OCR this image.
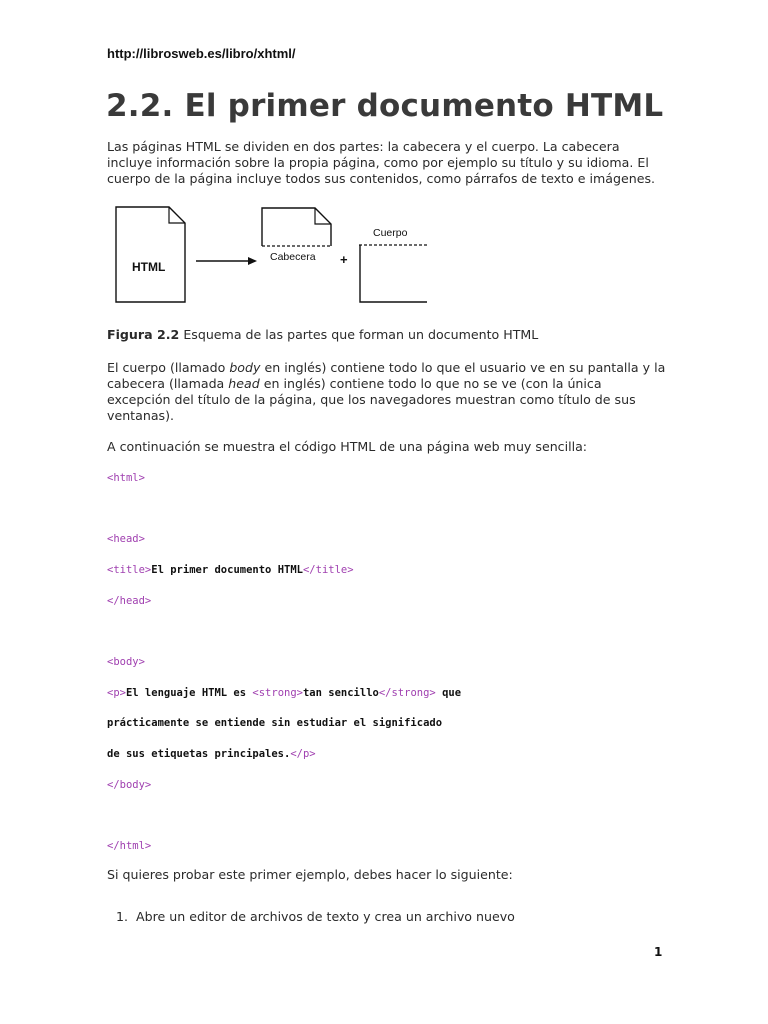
http://librosweb.es/libro/xhtml/
2.2. El primer documento HTML

Las páginas HTML se dividen en dos partes: la cabecera y el cuerpo. La cabecera incluye información sobre la propia página, como por ejemplo su título y su idioma. El cuerpo de la página incluye todos sus contenidos, como párrafos de texto e imágenes.

HTML
Cabecera +
Cuerpo
Figura 2.2 Esquema de las partes que forman un documento HTML

El cuerpo (llamado body en inglés) contiene todo lo que el usuario ve en su pantalla y la cabecera (llamada head en inglés) contiene todo lo que no se ve (con la única excepción del título de la página, que los navegadores muestran como título de sus ventanas).

A continuación se muestra el código HTML de una página web muy sencilla:

<html>
<head>
<title>El primer documento HTML</title>
</head>
<body>
<p>El lenguaje HTML es <strong>tan sencillo</strong> que
prácticamente se entiende sin estudiar el significado
de sus etiquetas principales.</p>
</body>
</html>

Si quieres probar este primer ejemplo, debes hacer lo siguiente:

1. Abre un editor de archivos de texto y crea un archivo nuevo
1
